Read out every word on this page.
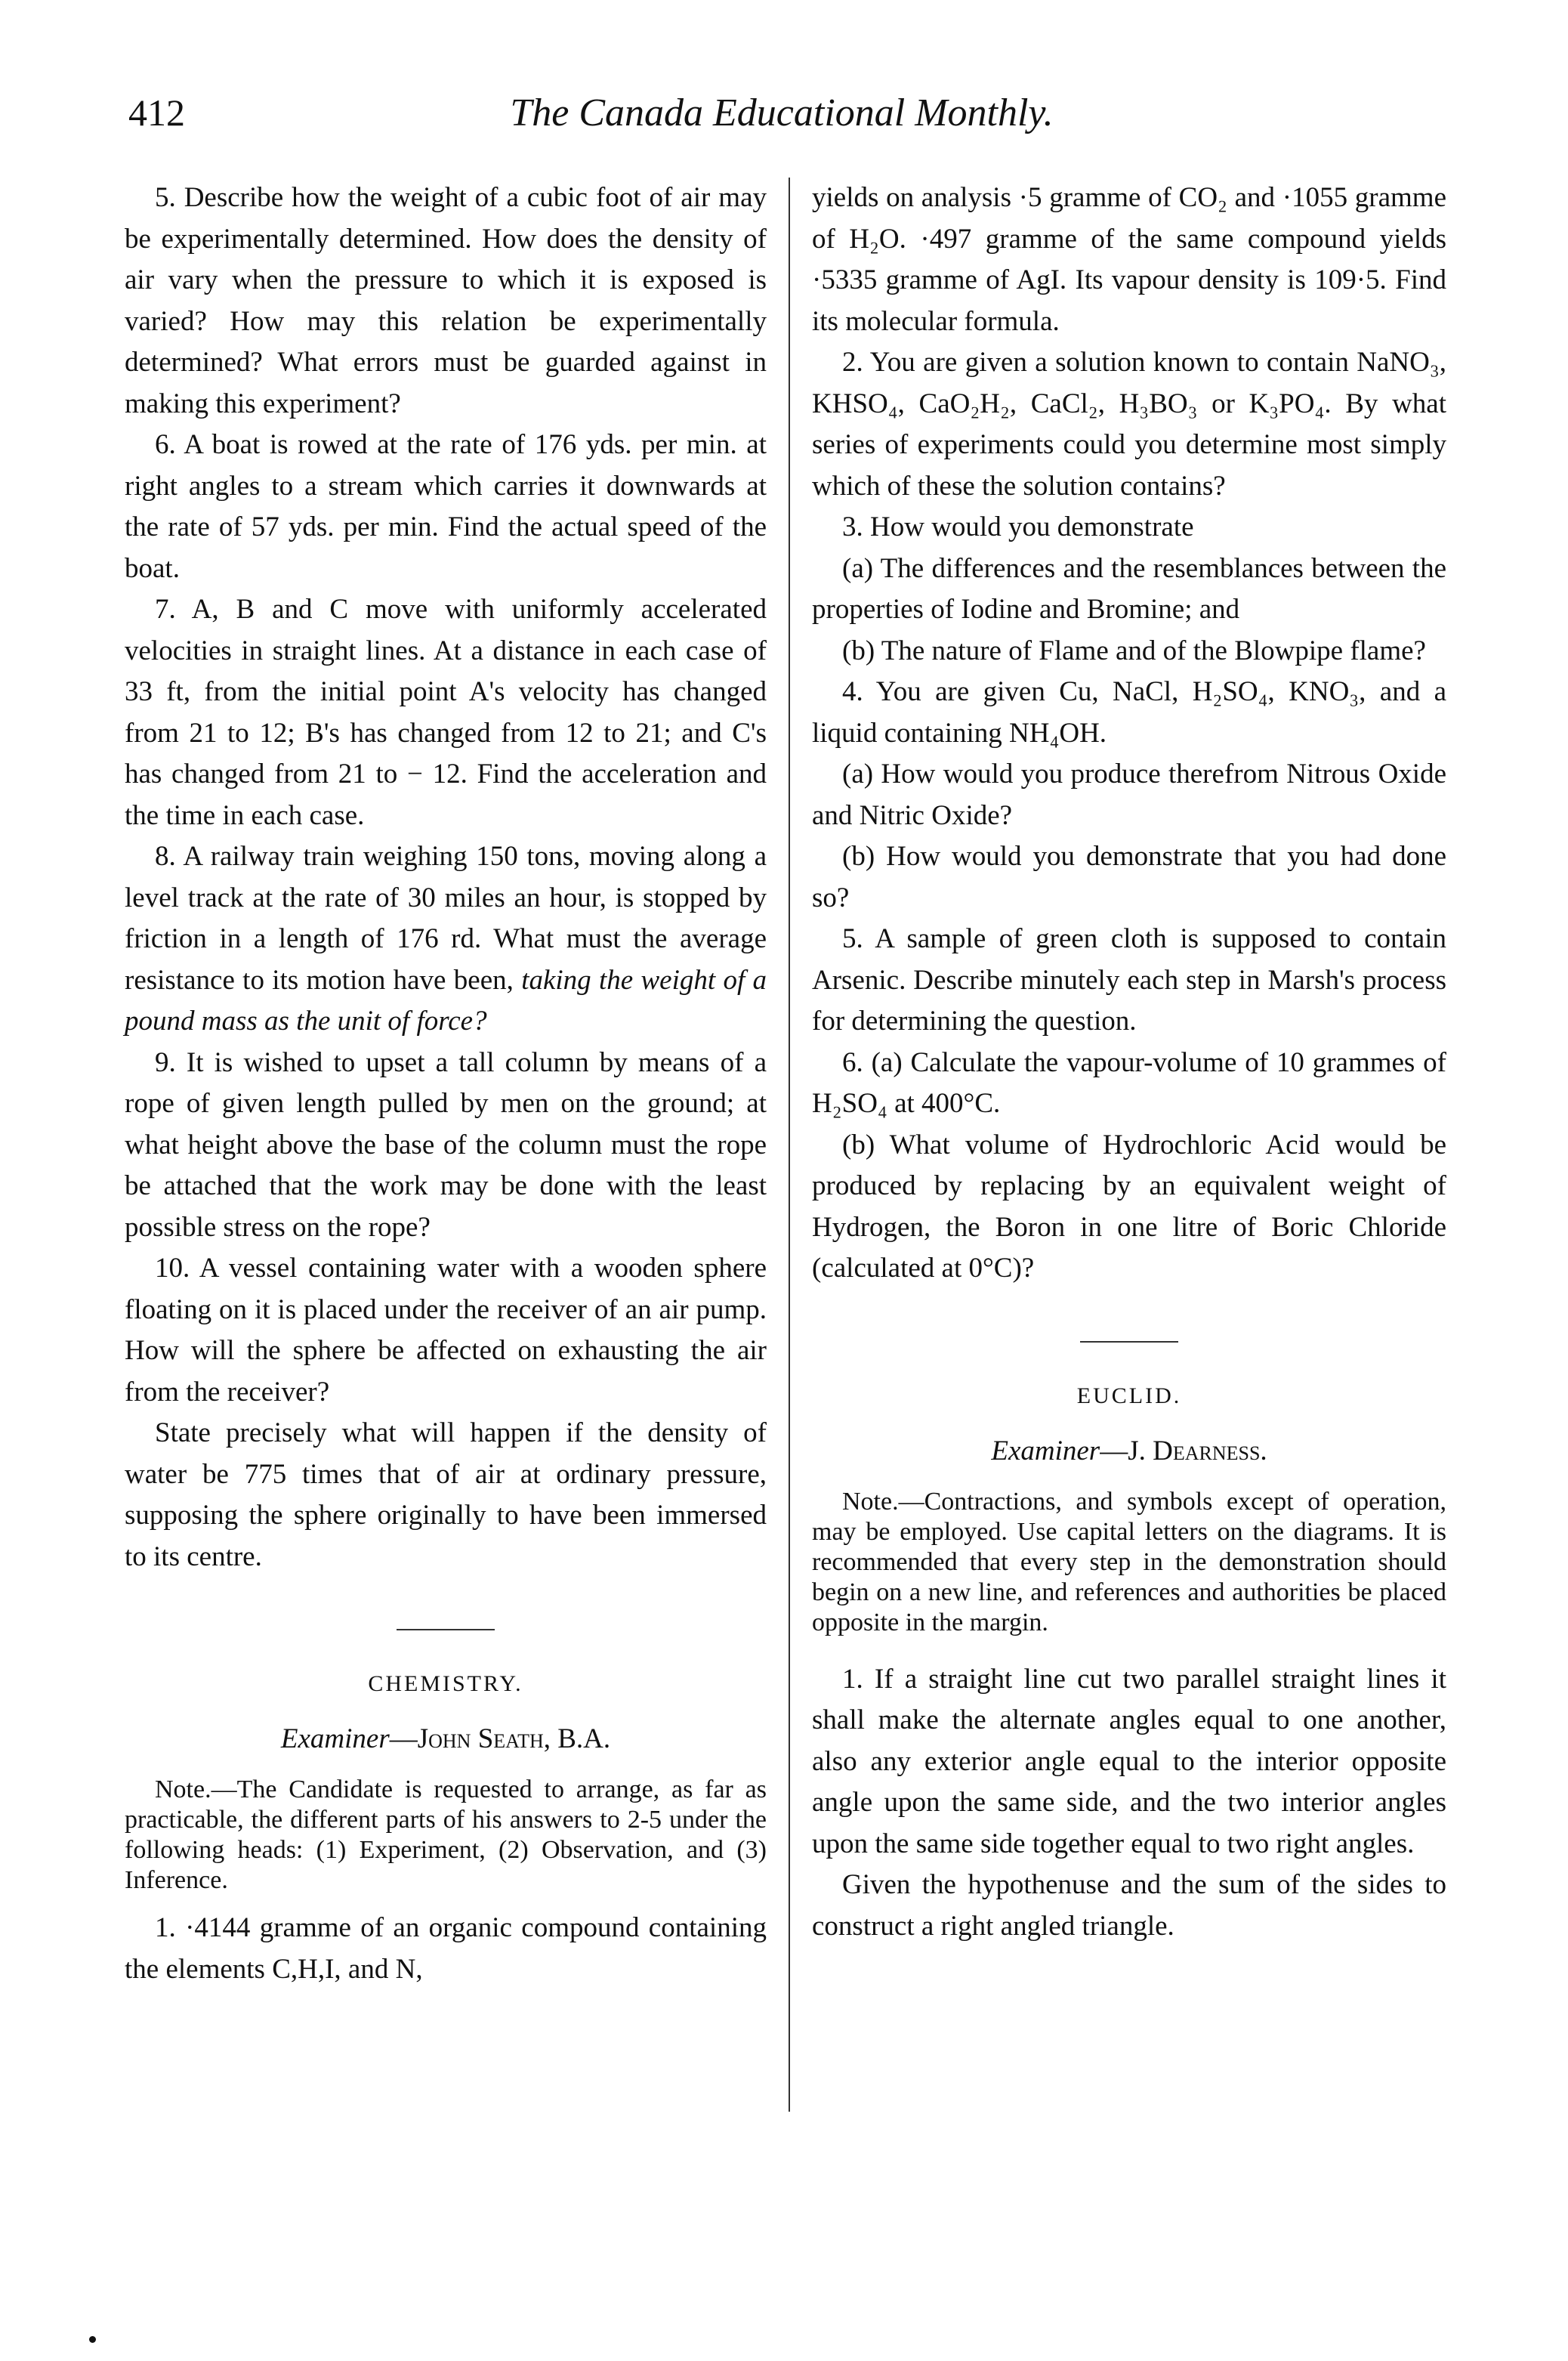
412	The Canada Educational Monthly.

5. Describe how the weight of a cubic foot of air may be experimentally determined. How does the density of air vary when the pressure to which it is exposed is varied? How may this relation be experimentally determined? What errors must be guarded against in making this experiment?

6. A boat is rowed at the rate of 176 yds. per min. at right angles to a stream which carries it downwards at the rate of 57 yds. per min. Find the actual speed of the boat.

7. A, B and C move with uniformly accelerated velocities in straight lines. At a distance in each case of 33 ft, from the initial point A's velocity has changed from 21 to 12; B's has changed from 12 to 21; and C's has changed from 21 to − 12. Find the acceleration and the time in each case.

8. A railway train weighing 150 tons, moving along a level track at the rate of 30 miles an hour, is stopped by friction in a length of 176 rd. What must the average resistance to its motion have been, taking the weight of a pound mass as the unit of force?

9. It is wished to upset a tall column by means of a rope of given length pulled by men on the ground; at what height above the base of the column must the rope be attached that the work may be done with the least possible stress on the rope?

10. A vessel containing water with a wooden sphere floating on it is placed under the receiver of an air pump. How will the sphere be affected on exhausting the air from the receiver?

State precisely what will happen if the density of water be 775 times that of air at ordinary pressure, supposing the sphere originally to have been immersed to its centre.

CHEMISTRY.
Examiner—John Seath, B.A.

Note.—The Candidate is requested to arrange, as far as practicable, the different parts of his answers to 2-5 under the following heads: (1) Experiment, (2) Observation, and (3) Inference.

1. ·4144 gramme of an organic compound containing the elements C,H,I, and N,

yields on analysis ·5 gramme of CO₂ and ·1055 gramme of H₂O. ·497 gramme of the same compound yields ·5335 gramme of AgI. Its vapour density is 109·5. Find its molecular formula.

2. You are given a solution known to contain NaNO₃, KHSO₄, CaO₂H₂, CaCl₂, H₃BO₃ or K₃PO₄. By what series of experiments could you determine most simply which of these the solution contains?

3. How would you demonstrate

(a) The differences and the resemblances between the properties of Iodine and Bromine; and

(b) The nature of Flame and of the Blowpipe flame?

4. You are given Cu, NaCl, H₂SO₄, KNO₃, and a liquid containing NH₄OH.

(a) How would you produce therefrom Nitrous Oxide and Nitric Oxide?

(b) How would you demonstrate that you had done so?

5. A sample of green cloth is supposed to contain Arsenic. Describe minutely each step in Marsh's process for determining the question.

6. (a) Calculate the vapour-volume of 10 grammes of H₂SO₄ at 400°C.

(b) What volume of Hydrochloric Acid would be produced by replacing by an equivalent weight of Hydrogen, the Boron in one litre of Boric Chloride (calculated at 0°C)?

EUCLID.
Examiner—J. Dearness.

Note.—Contractions, and symbols except of operation, may be employed. Use capital letters on the diagrams. It is recommended that every step in the demonstration should begin on a new line, and references and authorities be placed opposite in the margin.

1. If a straight line cut two parallel straight lines it shall make the alternate angles equal to one another, also any exterior angle equal to the interior opposite angle upon the same side, and the two interior angles upon the same side together equal to two right angles.

Given the hypothenuse and the sum of the sides to construct a right angled triangle.
